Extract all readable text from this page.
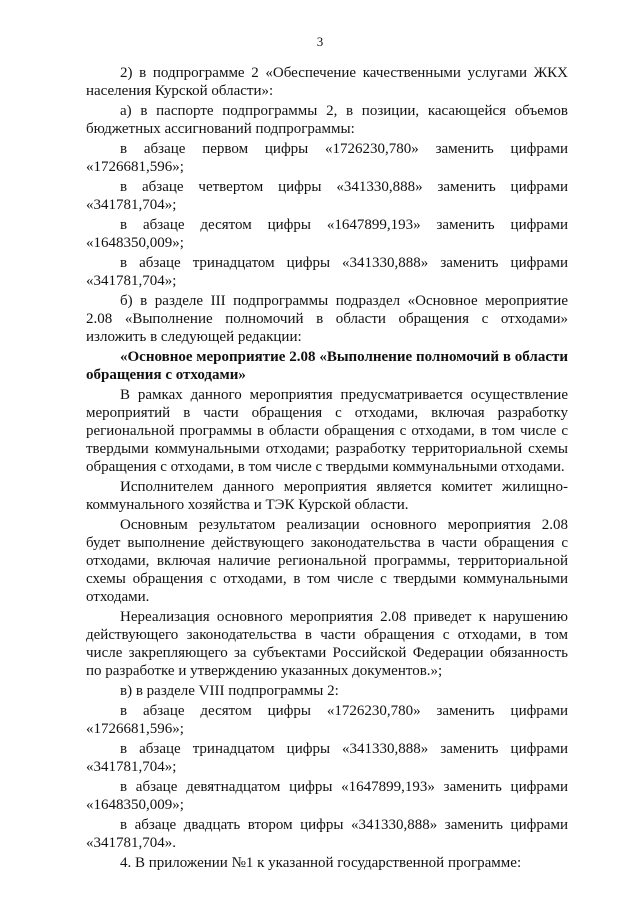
3

2) в подпрограмме 2 «Обеспечение качественными услугами ЖКХ населения Курской области»:

а) в паспорте подпрограммы 2, в позиции, касающейся объемов бюджетных ассигнований подпрограммы:

в абзаце первом цифры «1726230,780» заменить цифрами «1726681,596»;

в абзаце четвертом цифры «341330,888» заменить цифрами «341781,704»;

в абзаце десятом цифры «1647899,193» заменить цифрами «1648350,009»;

в абзаце тринадцатом цифры «341330,888» заменить цифрами «341781,704»;

б) в разделе III подпрограммы подраздел «Основное мероприятие 2.08 «Выполнение полномочий в области обращения с отходами» изложить в следующей редакции:

«Основное мероприятие 2.08 «Выполнение полномочий в области обращения с отходами»

В рамках данного мероприятия предусматривается осуществление мероприятий в части обращения с отходами, включая разработку региональной программы в области обращения с отходами, в том числе с твердыми коммунальными отходами; разработку территориальной схемы обращения с отходами, в том числе с твердыми коммунальными отходами.

Исполнителем данного мероприятия является комитет жилищно-коммунального хозяйства и ТЭК Курской области.

Основным результатом реализации основного мероприятия 2.08 будет выполнение действующего законодательства в части обращения с отходами, включая наличие региональной программы, территориальной схемы обращения с отходами, в том числе с твердыми коммунальными отходами.

Нереализация основного мероприятия 2.08 приведет к нарушению действующего законодательства в части обращения с отходами, в том числе закрепляющего за субъектами Российской Федерации обязанность по разработке и утверждению указанных документов.»;

в) в разделе VIII подпрограммы 2:

в абзаце десятом цифры «1726230,780» заменить цифрами «1726681,596»;

в абзаце тринадцатом цифры «341330,888» заменить цифрами «341781,704»;

в абзаце девятнадцатом цифры «1647899,193» заменить цифрами «1648350,009»;

в абзаце двадцать втором цифры «341330,888» заменить цифрами «341781,704».

4. В приложении №1 к указанной государственной программе:
